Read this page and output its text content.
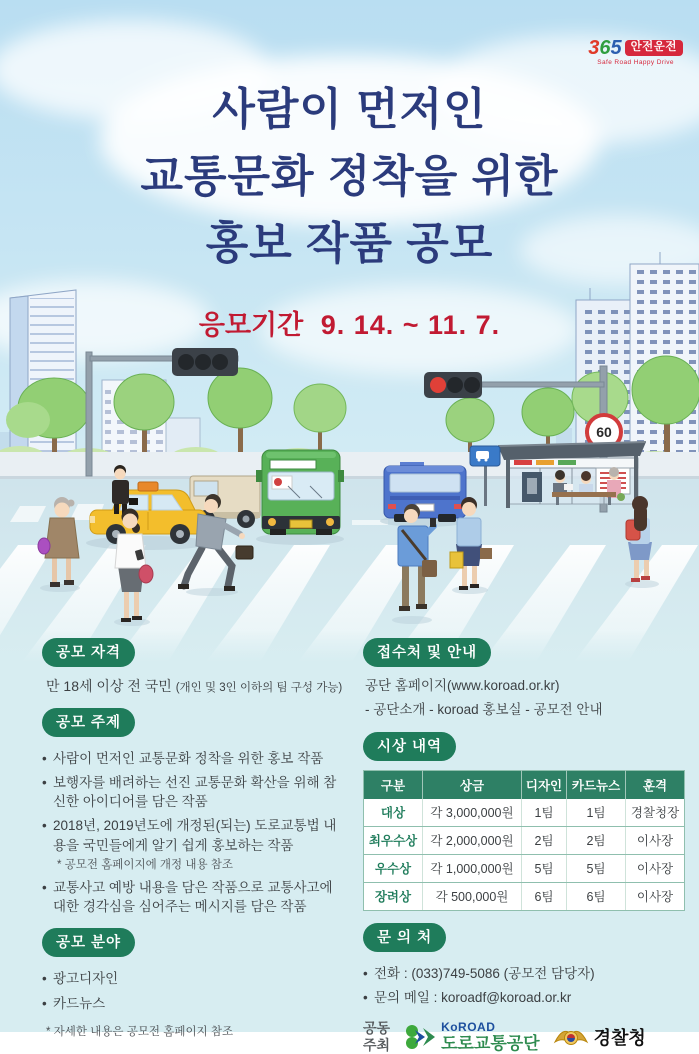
60
3 6 5 안전운전
Safe Road Happy Drive
사람이 먼저인
교통문화 정착을 위한
홍보 작품 공모
응모기간 9. 14. ~ 11. 7.
공모 자격
만 18세 이상 전 국민 (개인 및 3인 이하의 팀 구성 가능)
공모 주제
• 사람이 먼저인 교통문화 정착을 위한 홍보 작품
• 보행자를 배려하는 선진 교통문화 확산을 위해 참신한 아이디어를 담은 작품
• 2018년, 2019년도에 개정된(되는) 도로교통법 내용을 국민들에게 알기 쉽게 홍보하는 작품
* 공모전 홈페이지에 개정 내용 참조
• 교통사고 예방 내용을 담은 작품으로 교통사고에 대한 경각심을 심어주는 메시지를 담은 작품
공모 분야
• 광고디자인
• 카드뉴스
* 자세한 내용은 공모전 홈페이지 참조
접수처 및 안내
공단 홈페이지(www.koroad.or.kr)
- 공단소개 - koroad 홍보실 - 공모전 안내
시상 내역
구분	상금	디자인	카드뉴스	훈격
대상	각 3,000,000원	1팀	1팀	경찰청장
최우수상	각 2,000,000원	2팀	2팀	이사장
우수상	각 1,000,000원	5팀	5팀	이사장
장려상	각 500,000원	6팀	6팀	이사장
문 의 처
• 전화 : (033)749-5086 (공모전 담당자)
• 문의 메일 : koroadf@koroad.or.kr
공동
주최
KoROAD
도로교통공단	경찰청
